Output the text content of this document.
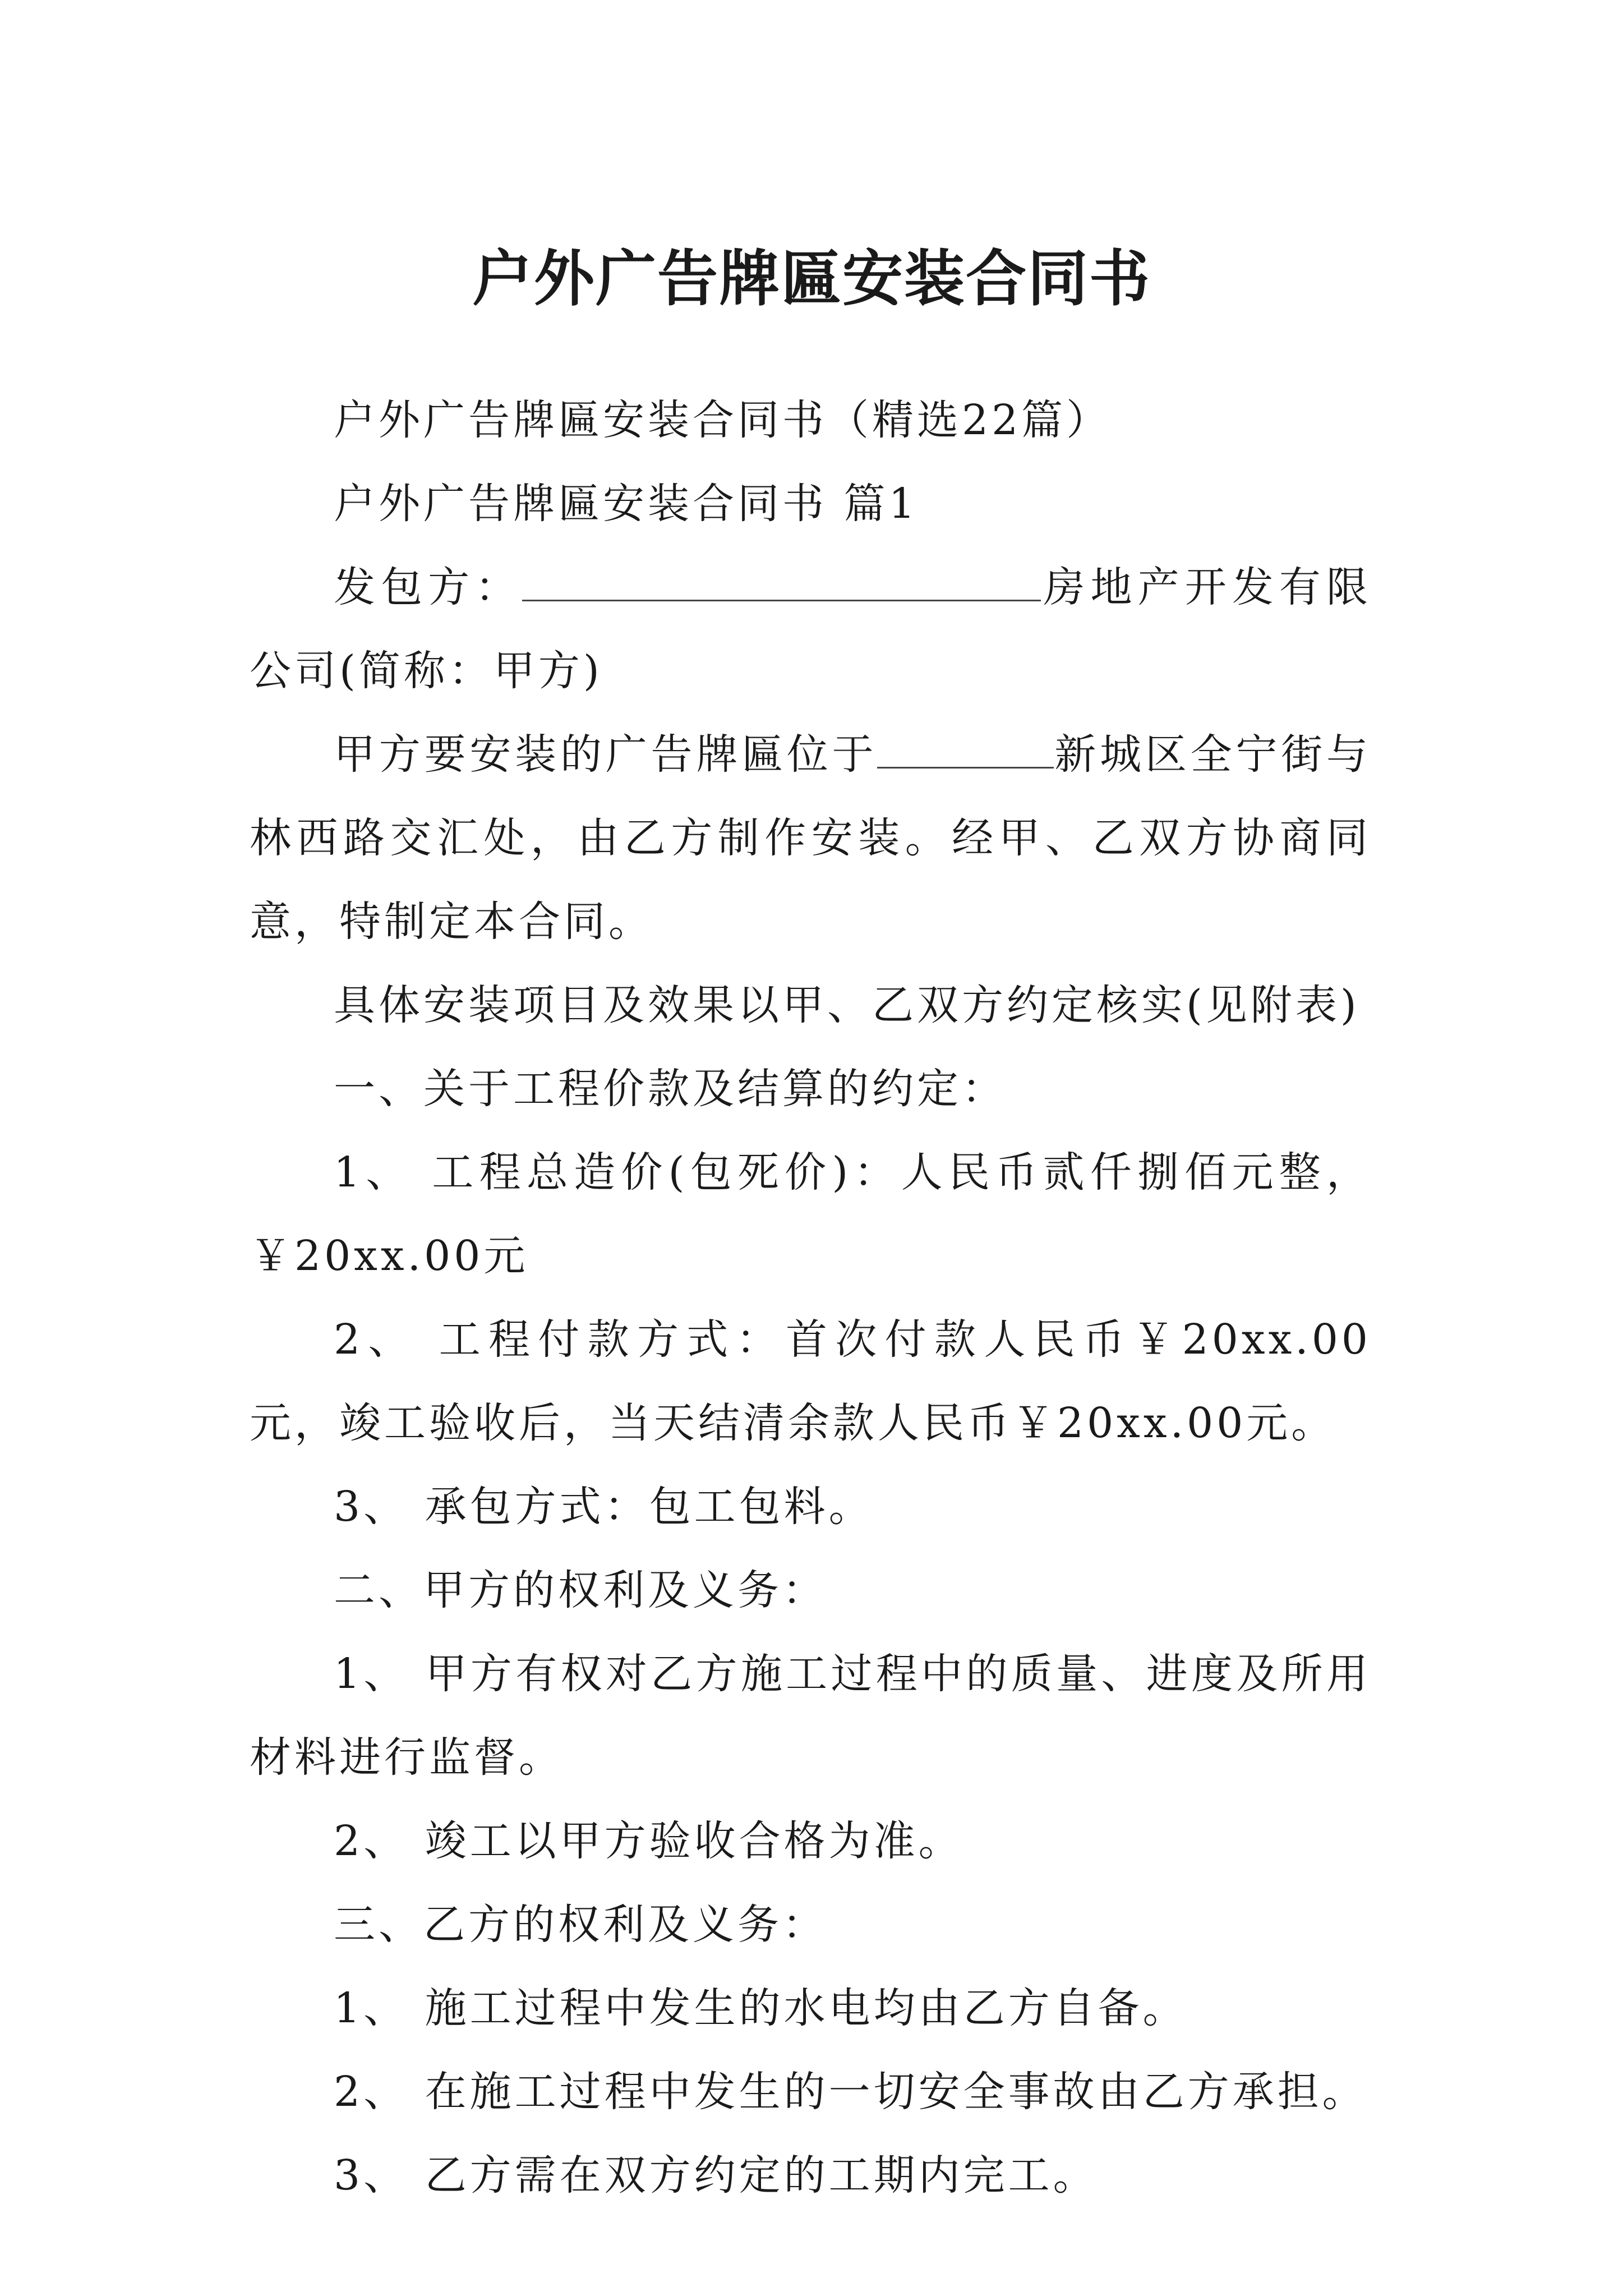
户外广告牌匾安装合同书

户外广告牌匾安装合同书（精选22篇）

户外广告牌匾安装合同书 篇1

发包方：	房地产开发有限公司(简称：甲方)

甲方要安装的广告牌匾位于	新城区全宁街与林西路交汇处，由乙方制作安装。经甲、乙双方协商同意，特制定本合同。

具体安装项目及效果以甲、乙双方约定核实(见附表)

一、关于工程价款及结算的约定：

1、 工程总造价(包死价)：人民币贰仟捌佰元整，￥20xx.00元

2、 工程付款方式：首次付款人民币￥20xx.00元，竣工验收后，当天结清余款人民币￥20xx.00元。

3、 承包方式：包工包料。

二、甲方的权利及义务：

1、 甲方有权对乙方施工过程中的质量、进度及所用材料进行监督。

2、 竣工以甲方验收合格为准。

三、乙方的权利及义务：

1、 施工过程中发生的水电均由乙方自备。

2、 在施工过程中发生的一切安全事故由乙方承担。

3、 乙方需在双方约定的工期内完工。
